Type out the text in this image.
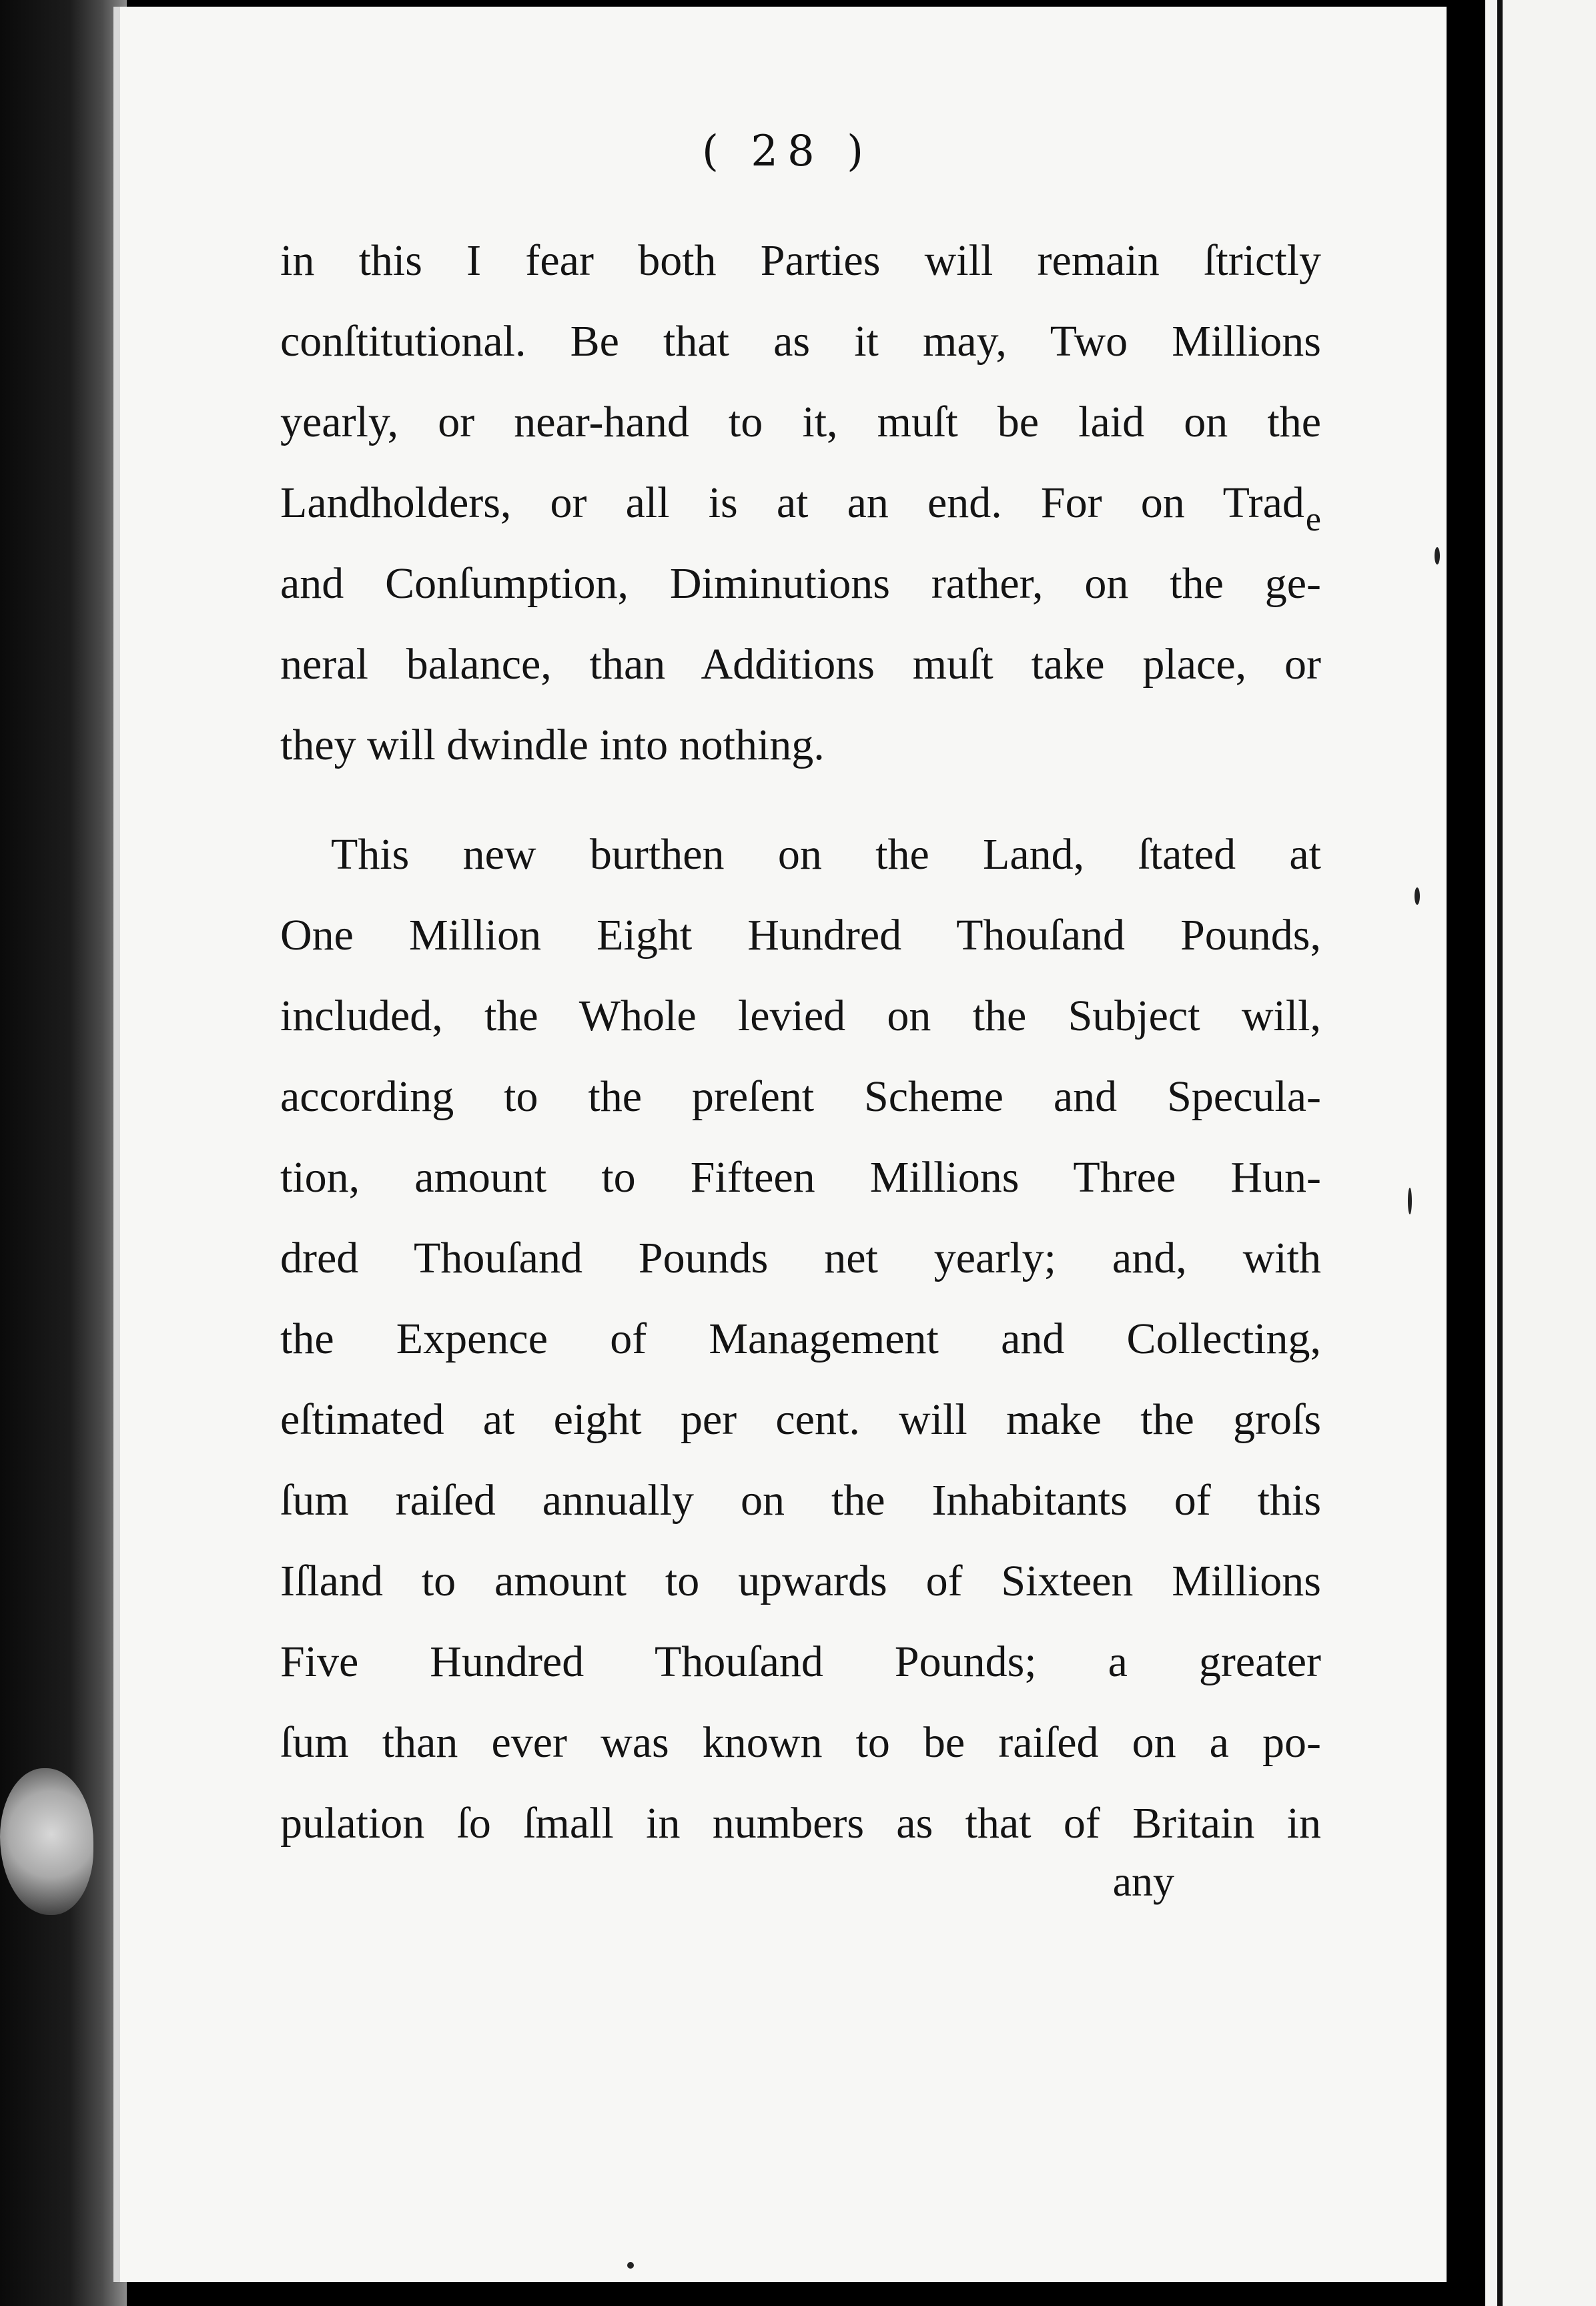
( 28 )
in this I fear both Parties will remain ſtrictly
conſtitutional. Be that as it may, Two Millions
yearly, or near-hand to it, muſt be laid on the
Landholders, or all is at an end. For on Trad$_e$
and Conſumption, Diminutions rather, on the ge-
neral balance, than Additions muſt take place, or
they will dwindle into nothing.
This new burthen on the Land, ſtated at
One Million Eight Hundred Thouſand Pounds,
included, the Whole levied on the Subject will,
according to the preſent Scheme and Specula-
tion, amount to Fifteen Millions Three Hun-
dred Thouſand Pounds net yearly; and, with
the Expence of Management and Collecting,
eſtimated at eight per cent. will make the groſs
ſum raiſed annually on the Inhabitants of this
Iſland to amount to upwards of Sixteen Millions
Five Hundred Thouſand Pounds; a greater
ſum than ever was known to be raiſed on a po-
pulation ſo ſmall in numbers as that of Britain in
any
